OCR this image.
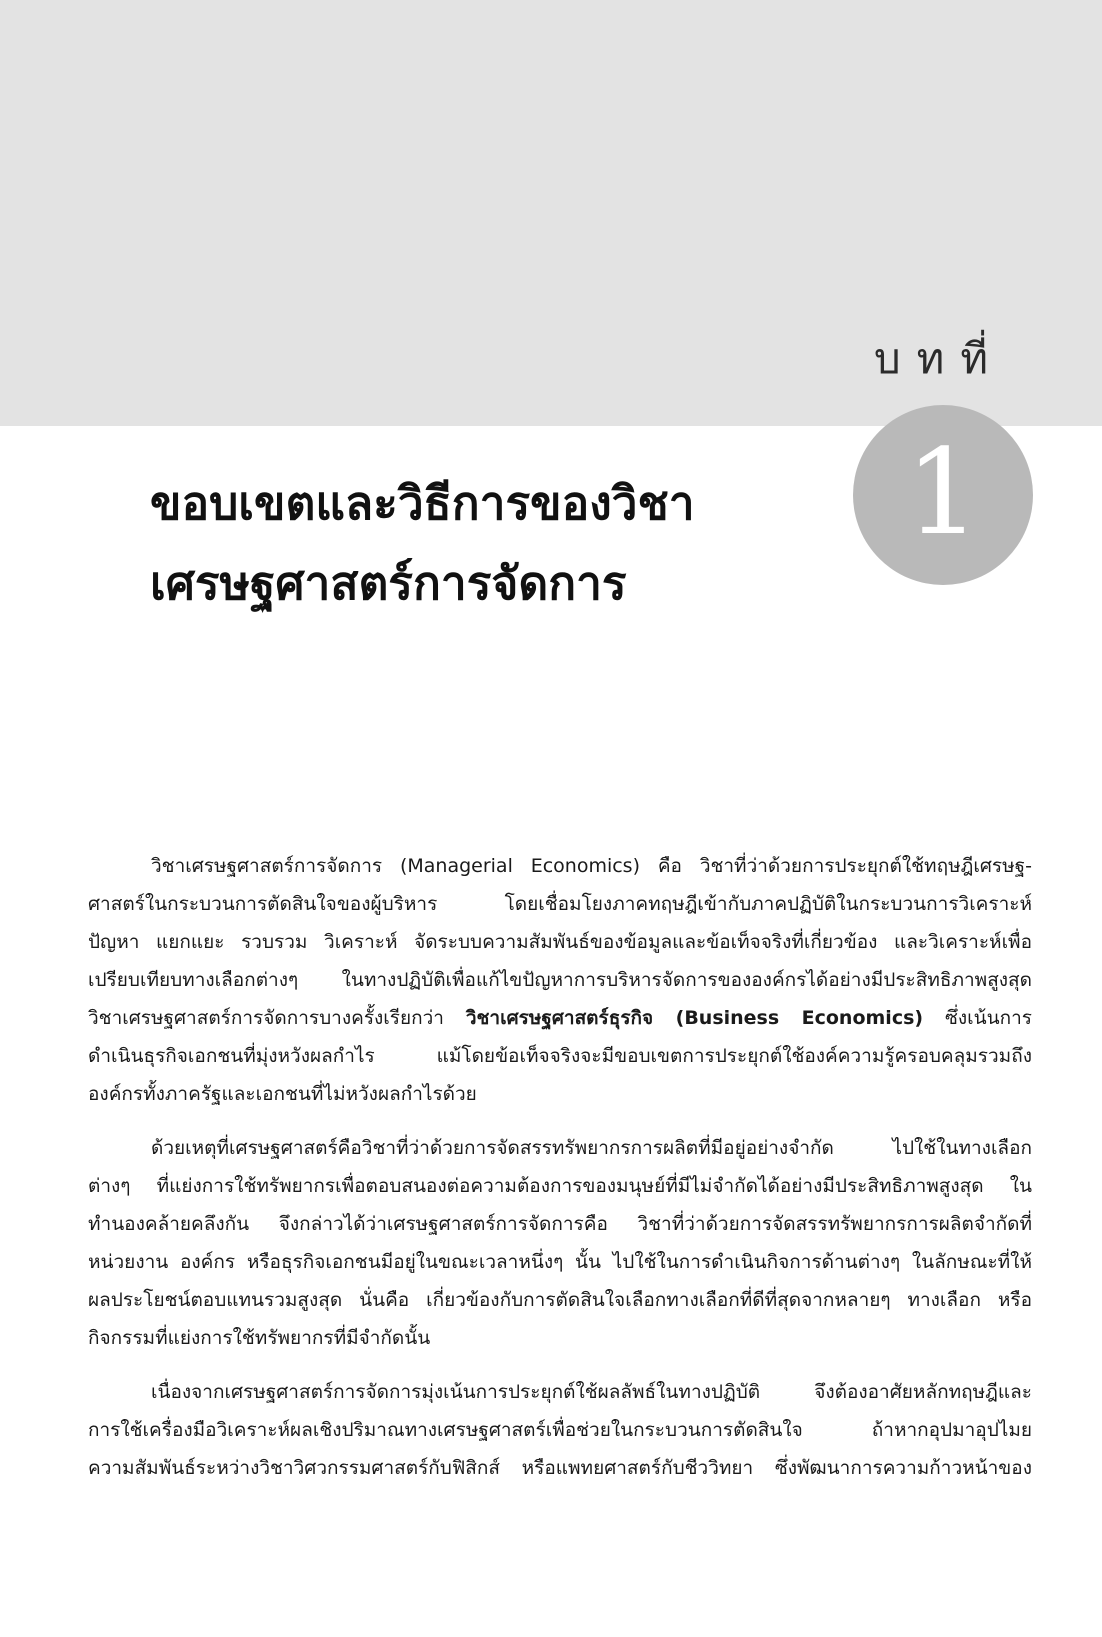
บทที่
1
ขอบเขตและวิธีการของวิชา
เศรษฐศาสตร์การจัดการ
วิชาเศรษฐศาสตร์การจัดการ (Managerial Economics) คือ วิชาที่ว่าด้วยการประยุกต์ใช้ทฤษฎีเศรษฐ-
ศาสตร์ในกระบวนการตัดสินใจของผู้บริหาร โดยเชื่อมโยงภาคทฤษฎีเข้ากับภาคปฏิบัติในกระบวนการวิเคราะห์
ปัญหา แยกแยะ รวบรวม วิเคราะห์ จัดระบบความสัมพันธ์ของข้อมูลและข้อเท็จจริงที่เกี่ยวข้อง และวิเคราะห์เพื่อ
เปรียบเทียบทางเลือกต่างๆ ในทางปฏิบัติเพื่อแก้ไขปัญหาการบริหารจัดการขององค์กรได้อย่างมีประสิทธิภาพสูงสุด
วิชาเศรษฐศาสตร์การจัดการบางครั้งเรียกว่า วิชาเศรษฐศาสตร์ธุรกิจ (Business Economics) ซึ่งเน้นการ
ดำเนินธุรกิจเอกชนที่มุ่งหวังผลกำไร แม้โดยข้อเท็จจริงจะมีขอบเขตการประยุกต์ใช้องค์ความรู้ครอบคลุมรวมถึง
องค์กรทั้งภาครัฐและเอกชนที่ไม่หวังผลกำไรด้วย
ด้วยเหตุที่เศรษฐศาสตร์คือวิชาที่ว่าด้วยการจัดสรรทรัพยากรการผลิตที่มีอยู่อย่างจำกัด ไปใช้ในทางเลือก
ต่างๆ ที่แย่งการใช้ทรัพยากรเพื่อตอบสนองต่อความต้องการของมนุษย์ที่มีไม่จำกัดได้อย่างมีประสิทธิภาพสูงสุด ใน
ทำนองคล้ายคลึงกัน จึงกล่าวได้ว่าเศรษฐศาสตร์การจัดการคือ วิชาที่ว่าด้วยการจัดสรรทรัพยากรการผลิตจำกัดที่
หน่วยงาน องค์กร หรือธุรกิจเอกชนมีอยู่ในขณะเวลาหนึ่งๆ นั้น ไปใช้ในการดำเนินกิจการด้านต่างๆ ในลักษณะที่ให้
ผลประโยชน์ตอบแทนรวมสูงสุด นั่นคือ เกี่ยวข้องกับการตัดสินใจเลือกทางเลือกที่ดีที่สุดจากหลายๆ ทางเลือก หรือ
กิจกรรมที่แย่งการใช้ทรัพยากรที่มีจำกัดนั้น
เนื่องจากเศรษฐศาสตร์การจัดการมุ่งเน้นการประยุกต์ใช้ผลลัพธ์ในทางปฏิบัติ จึงต้องอาศัยหลักทฤษฎีและ
การใช้เครื่องมือวิเคราะห์ผลเชิงปริมาณทางเศรษฐศาสตร์เพื่อช่วยในกระบวนการตัดสินใจ ถ้าหากอุปมาอุปไมย
ความสัมพันธ์ระหว่างวิชาวิศวกรรมศาสตร์กับฟิสิกส์ หรือแพทยศาสตร์กับชีววิทยา ซึ่งพัฒนาการความก้าวหน้าของ
